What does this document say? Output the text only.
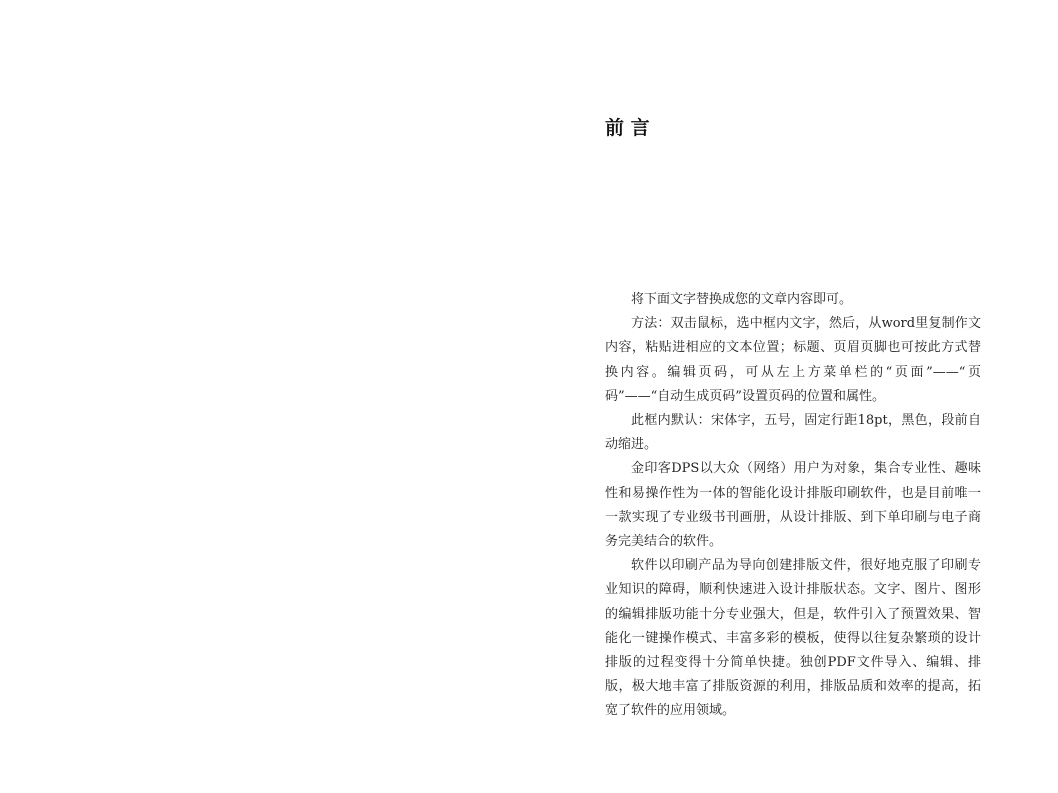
前 言

将下面文字替换成您的文章内容即可。

方法：双击鼠标，选中框内文字，然后，从word里复制作文内容，粘贴进相应的文本位置；标题、页眉页脚也可按此方式替换内容。编辑页码，可从左上方菜单栏的“页面”——“页码”——“自动生成页码”设置页码的位置和属性。

此框内默认：宋体字，五号，固定行距18pt，黑色，段前自动缩进。

金印客DPS以大众（网络）用户为对象，集合专业性、趣味性和易操作性为一体的智能化设计排版印刷软件，也是目前唯一一款实现了专业级书刊画册，从设计排版、到下单印刷与电子商务完美结合的软件。

软件以印刷产品为导向创建排版文件，很好地克服了印刷专业知识的障碍，顺利快速进入设计排版状态。文字、图片、图形的编辑排版功能十分专业强大，但是，软件引入了预置效果、智能化一键操作模式、丰富多彩的模板，使得以往复杂繁琐的设计排版的过程变得十分简单快捷。独创PDF文件导入、编辑、排版，极大地丰富了排版资源的利用，排版品质和效率的提高，拓宽了软件的应用领域。
